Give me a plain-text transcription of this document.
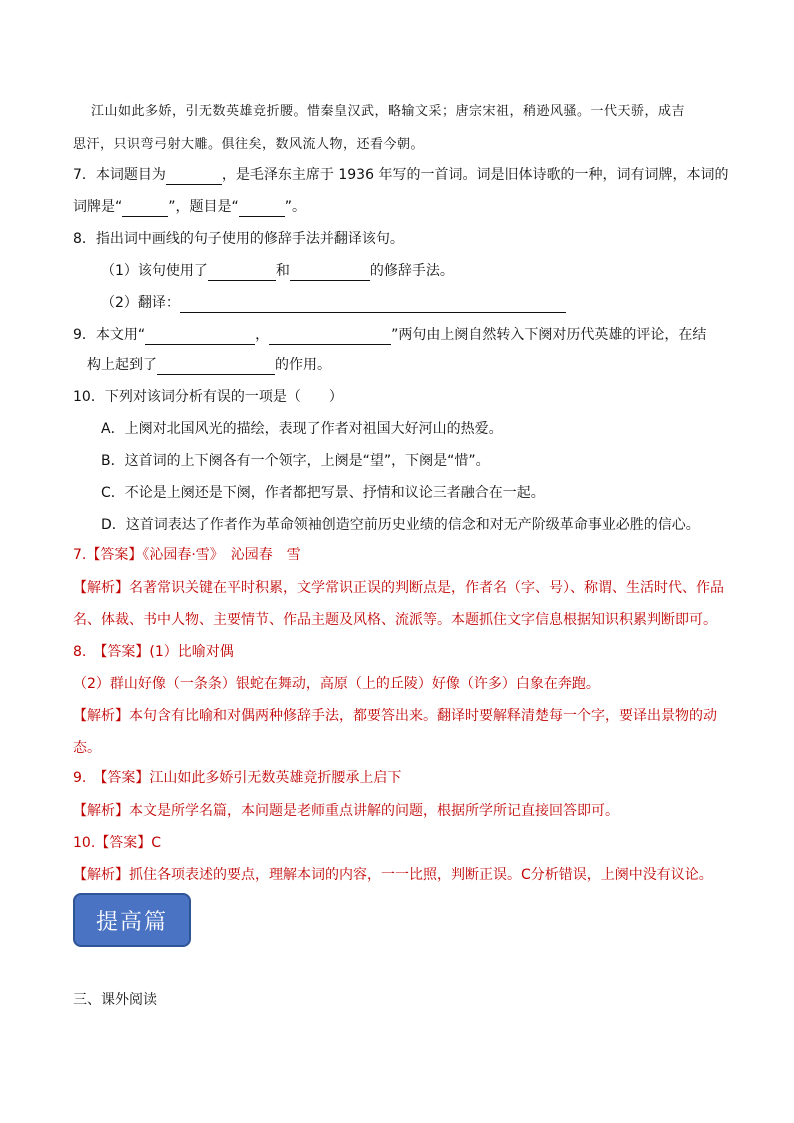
江山如此多娇，引无数英雄竞折腰。惜秦皇汉武，略输文采；唐宗宋祖，稍逊风骚。一代天骄，成吉
思汗，只识弯弓射大雕。俱往矣，数风流人物，还看今朝。
7．本词题目为	，是毛泽东主席于 1936 年写的一首词。词是旧体诗歌的一种，词有词牌，本词的
词牌是“	”，题目是“	”。
8．指出词中画线的句子使用的修辞手法并翻译该句。
（1）该句使用了	和	的修辞手法。
（2）翻译：
9．本文用“	，	”两句由上阕自然转入下阕对历代英雄的评论，在结
构上起到了	的作用。
10．下列对该词分析有误的一项是（　　）
A．上阕对北国风光的描绘，表现了作者对祖国大好河山的热爱。
B．这首词的上下阕各有一个领字，上阕是“望”，下阕是“惜”。
C．不论是上阕还是下阕，作者都把写景、抒情和议论三者融合在一起。
D．这首词表达了作者作为革命领袖创造空前历史业绩的信念和对无产阶级革命事业必胜的信心。
7.【答案】《沁园春·雪》　沁园春　雪
【解析】名著常识关键在平时积累，文学常识正误的判断点是，作者名（字、号）、称谓、生活时代、作品
名、体裁、书中人物、主要情节、作品主题及风格、流派等。本题抓住文字信息根据知识积累判断即可。
8.　【答案】(1）比喻对偶
（2）群山好像（一条条）银蛇在舞动，高原（上的丘陵）好像（许多）白象在奔跑。
【解析】本句含有比喻和对偶两种修辞手法，都要答出来。翻译时要解释清楚每一个字，要译出景物的动
态。
9.　【答案】江山如此多娇引无数英雄竞折腰承上启下
【解析】本文是所学名篇，本问题是老师重点讲解的问题，根据所学所记直接回答即可。
10.【答案】C
【解析】抓住各项表述的要点，理解本词的内容，一一比照，判断正误。C分析错误，上阕中没有议论。
提高篇
三、课外阅读
